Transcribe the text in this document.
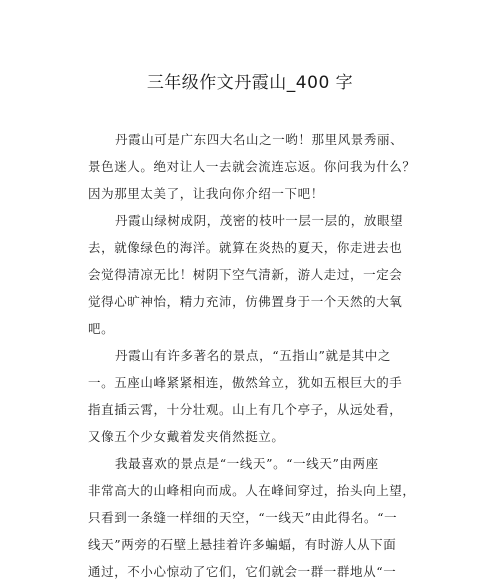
三年级作文丹霞山_400 字
丹霞山可是广东四大名山之一哟！那里风景秀丽、
景色迷人。绝对让人一去就会流连忘返。你问我为什么？
因为那里太美了，让我向你介绍一下吧！
丹霞山绿树成阴，茂密的枝叶一层一层的，放眼望
去，就像绿色的海洋。就算在炎热的夏天，你走进去也
会觉得清凉无比！树阴下空气清新，游人走过，一定会
觉得心旷神怡，精力充沛，仿佛置身于一个天然的大氧
吧。
丹霞山有许多著名的景点，“五指山”就是其中之
一。五座山峰紧紧相连，傲然耸立，犹如五根巨大的手
指直插云霄，十分壮观。山上有几个亭子，从远处看，
又像五个少女戴着发夹俏然挺立。
我最喜欢的景点是“一线天”。“一线天”由两座
非常高大的山峰相向而成。人在峰间穿过，抬头向上望，
只看到一条缝一样细的天空，“一线天”由此得名。“一
线天”两旁的石壁上悬挂着许多蝙蝠，有时游人从下面
通过，不小心惊动了它们，它们就会一群一群地从“一
